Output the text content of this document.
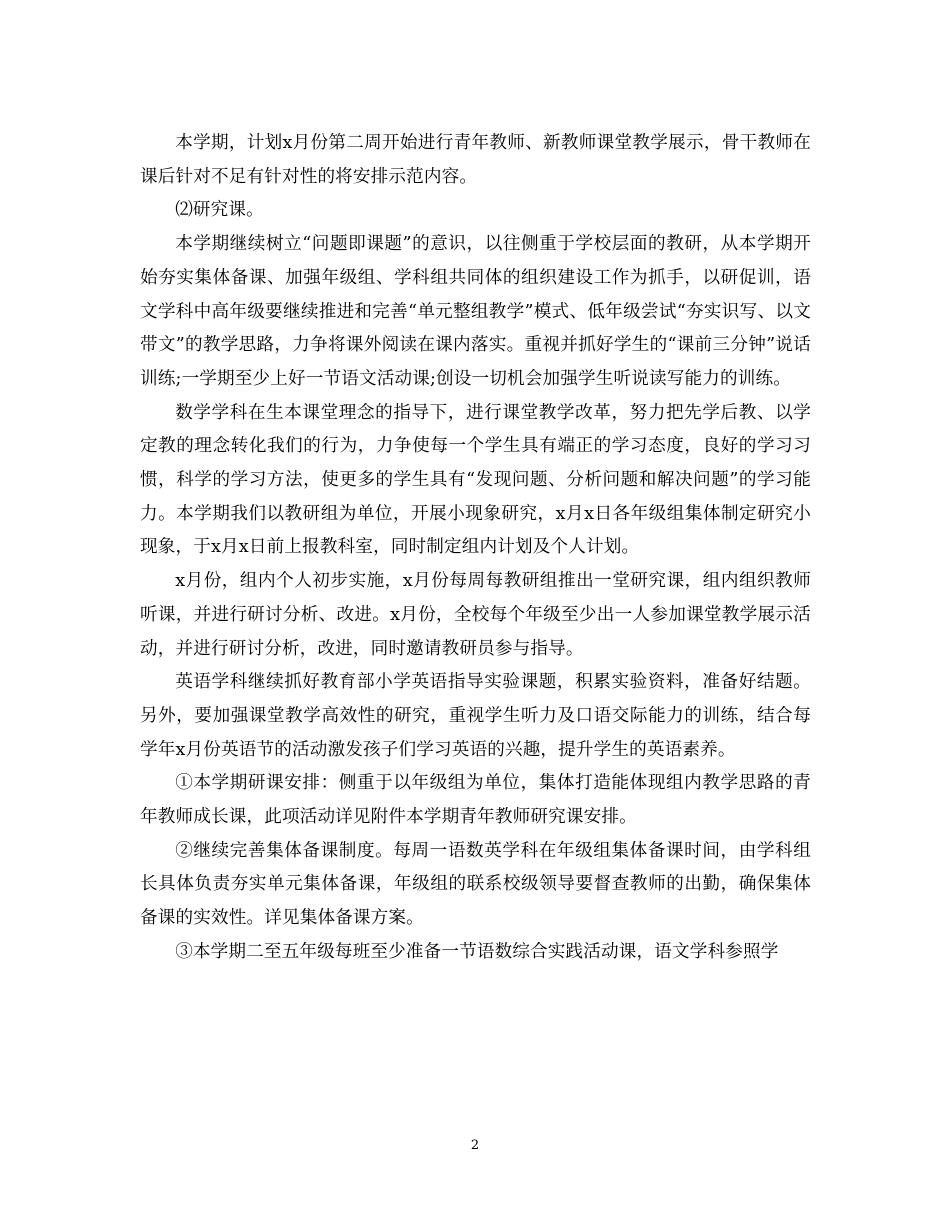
本学期，计划x月份第二周开始进行青年教师、新教师课堂教学展示，骨干教师在课后针对不足有针对性的将安排示范内容。

⑵研究课。

本学期继续树立“问题即课题”的意识，以往侧重于学校层面的教研，从本学期开始夯实集体备课、加强年级组、学科组共同体的组织建设工作为抓手，以研促训，语文学科中高年级要继续推进和完善“单元整组教学”模式、低年级尝试“夯实识写、以文带文”的教学思路，力争将课外阅读在课内落实。重视并抓好学生的“课前三分钟”说话训练;一学期至少上好一节语文活动课;创设一切机会加强学生听说读写能力的训练。

数学学科在生本课堂理念的指导下，进行课堂教学改革，努力把先学后教、以学定教的理念转化我们的行为，力争使每一个学生具有端正的学习态度，良好的学习习惯，科学的学习方法，使更多的学生具有“发现问题、分析问题和解决问题”的学习能力。本学期我们以教研组为单位，开展小现象研究，x月x日各年级组集体制定研究小现象，于x月x日前上报教科室，同时制定组内计划及个人计划。

x月份，组内个人初步实施，x月份每周每教研组推出一堂研究课，组内组织教师听课，并进行研讨分析、改进。x月份，全校每个年级至少出一人参加课堂教学展示活动，并进行研讨分析，改进，同时邀请教研员参与指导。

英语学科继续抓好教育部小学英语指导实验课题，积累实验资料，准备好结题。另外，要加强课堂教学高效性的研究，重视学生听力及口语交际能力的训练，结合每学年x月份英语节的活动激发孩子们学习英语的兴趣，提升学生的英语素养。

①本学期研课安排：侧重于以年级组为单位，集体打造能体现组内教学思路的青年教师成长课，此项活动详见附件本学期青年教师研究课安排。

②继续完善集体备课制度。每周一语数英学科在年级组集体备课时间，由学科组长具体负责夯实单元集体备课，年级组的联系校级领导要督查教师的出勤，确保集体备课的实效性。详见集体备课方案。

③本学期二至五年级每班至少准备一节语数综合实践活动课，语文学科参照学

2
